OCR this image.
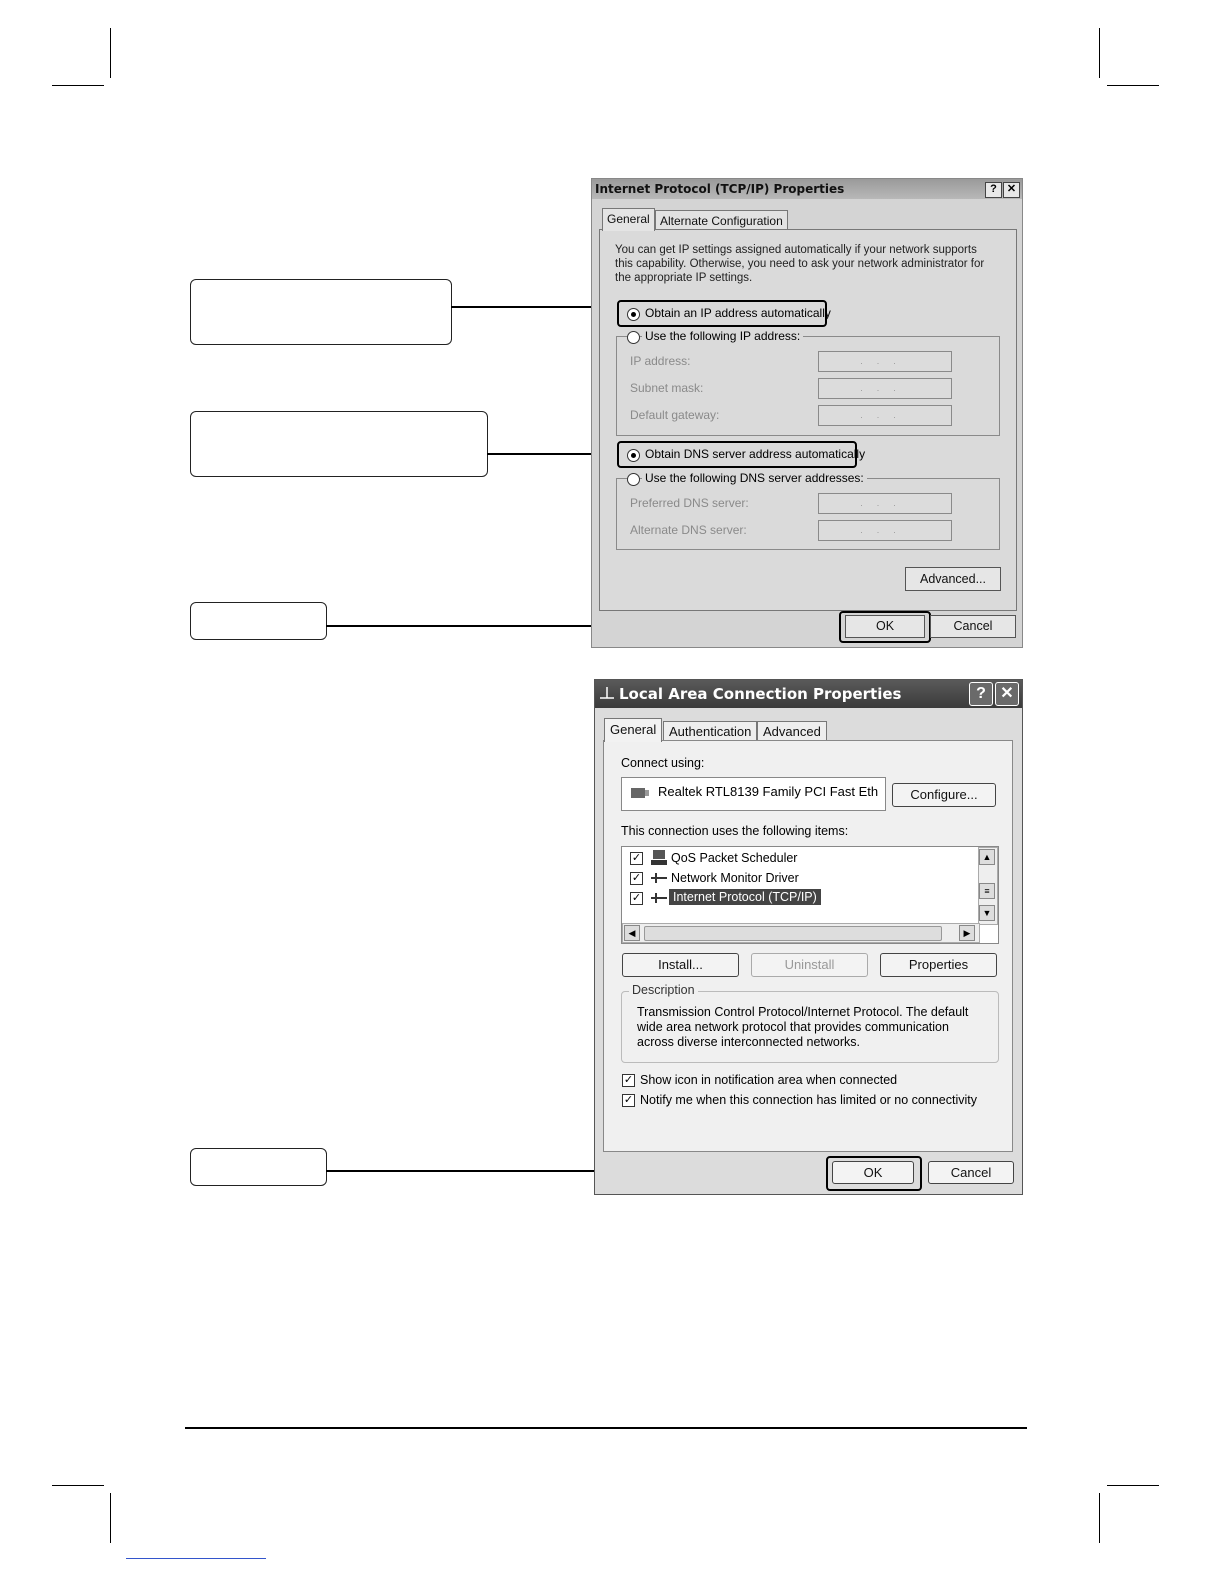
Internet Protocol (TCP/IP) Properties	? ✕
General Alternate Configuration
You can get IP settings assigned automatically if your network supports this capability. Otherwise, you need to ask your network administrator for the appropriate IP settings.
Obtain an IP address automatically
Use the following IP address:
IP address:	...
Subnet mask:	...
Default gateway:	...
Obtain DNS server address automatically
Use the following DNS server addresses:
Preferred DNS server:	...
Alternate DNS server:	...
Advanced...
OK	Cancel
Local Area Connection Properties	? ✕
General Authentication Advanced
Connect using:
Realtek RTL8139 Family PCI Fast Eth	Configure...
This connection uses the following items:
✓ QoS Packet Scheduler
✓ Network Monitor Driver
✓	Internet Protocol (TCP/IP)
▲
≡
▼
◀	▶
Install...	Uninstall	Properties
Description
Transmission Control Protocol/Internet Protocol. The default wide area network protocol that provides communication across diverse interconnected networks.
✓ Show icon in notification area when connected
✓ Notify me when this connection has limited or no connectivity
OK	Cancel
